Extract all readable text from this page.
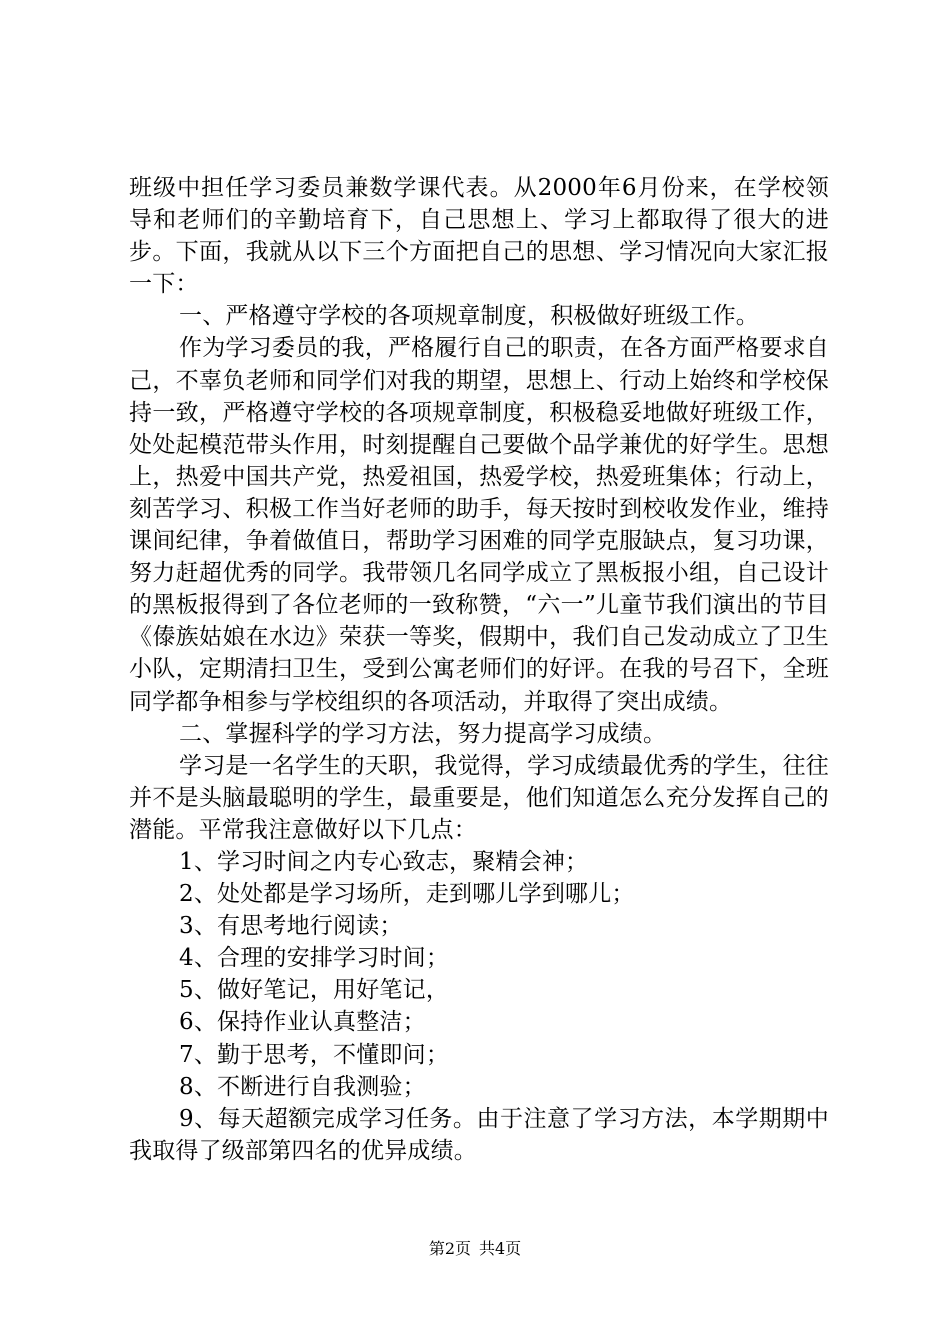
班级中担任学习委员兼数学课代表。从2000年6月份来，在学校领导和老师们的辛勤培育下，自己思想上、学习上都取得了很大的进步。下面，我就从以下三个方面把自己的思想、学习情况向大家汇报一下：

一、严格遵守学校的各项规章制度，积极做好班级工作。

作为学习委员的我，严格履行自己的职责，在各方面严格要求自己，不辜负老师和同学们对我的期望，思想上、行动上始终和学校保持一致，严格遵守学校的各项规章制度，积极稳妥地做好班级工作，处处起模范带头作用，时刻提醒自己要做个品学兼优的好学生。思想上，热爱中国共产党，热爱祖国，热爱学校，热爱班集体；行动上，刻苦学习、积极工作当好老师的助手，每天按时到校收发作业，维持课间纪律，争着做值日，帮助学习困难的同学克服缺点，复习功课，努力赶超优秀的同学。我带领几名同学成立了黑板报小组，自己设计的黑板报得到了各位老师的一致称赞，“六一”儿童节我们演出的节目《傣族姑娘在水边》荣获一等奖，假期中，我们自己发动成立了卫生小队，定期清扫卫生，受到公寓老师们的好评。在我的号召下，全班同学都争相参与学校组织的各项活动，并取得了突出成绩。

二、掌握科学的学习方法，努力提高学习成绩。

学习是一名学生的天职，我觉得，学习成绩最优秀的学生，往往并不是头脑最聪明的学生，最重要是，他们知道怎么充分发挥自己的潜能。平常我注意做好以下几点：

1、学习时间之内专心致志，聚精会神；

2、处处都是学习场所，走到哪儿学到哪儿；

3、有思考地行阅读；

4、合理的安排学习时间；

5、做好笔记，用好笔记，

6、保持作业认真整洁；

7、勤于思考，不懂即问；

8、不断进行自我测验；

9、每天超额完成学习任务。由于注意了学习方法，本学期期中我取得了级部第四名的优异成绩。

第2页 共4页
